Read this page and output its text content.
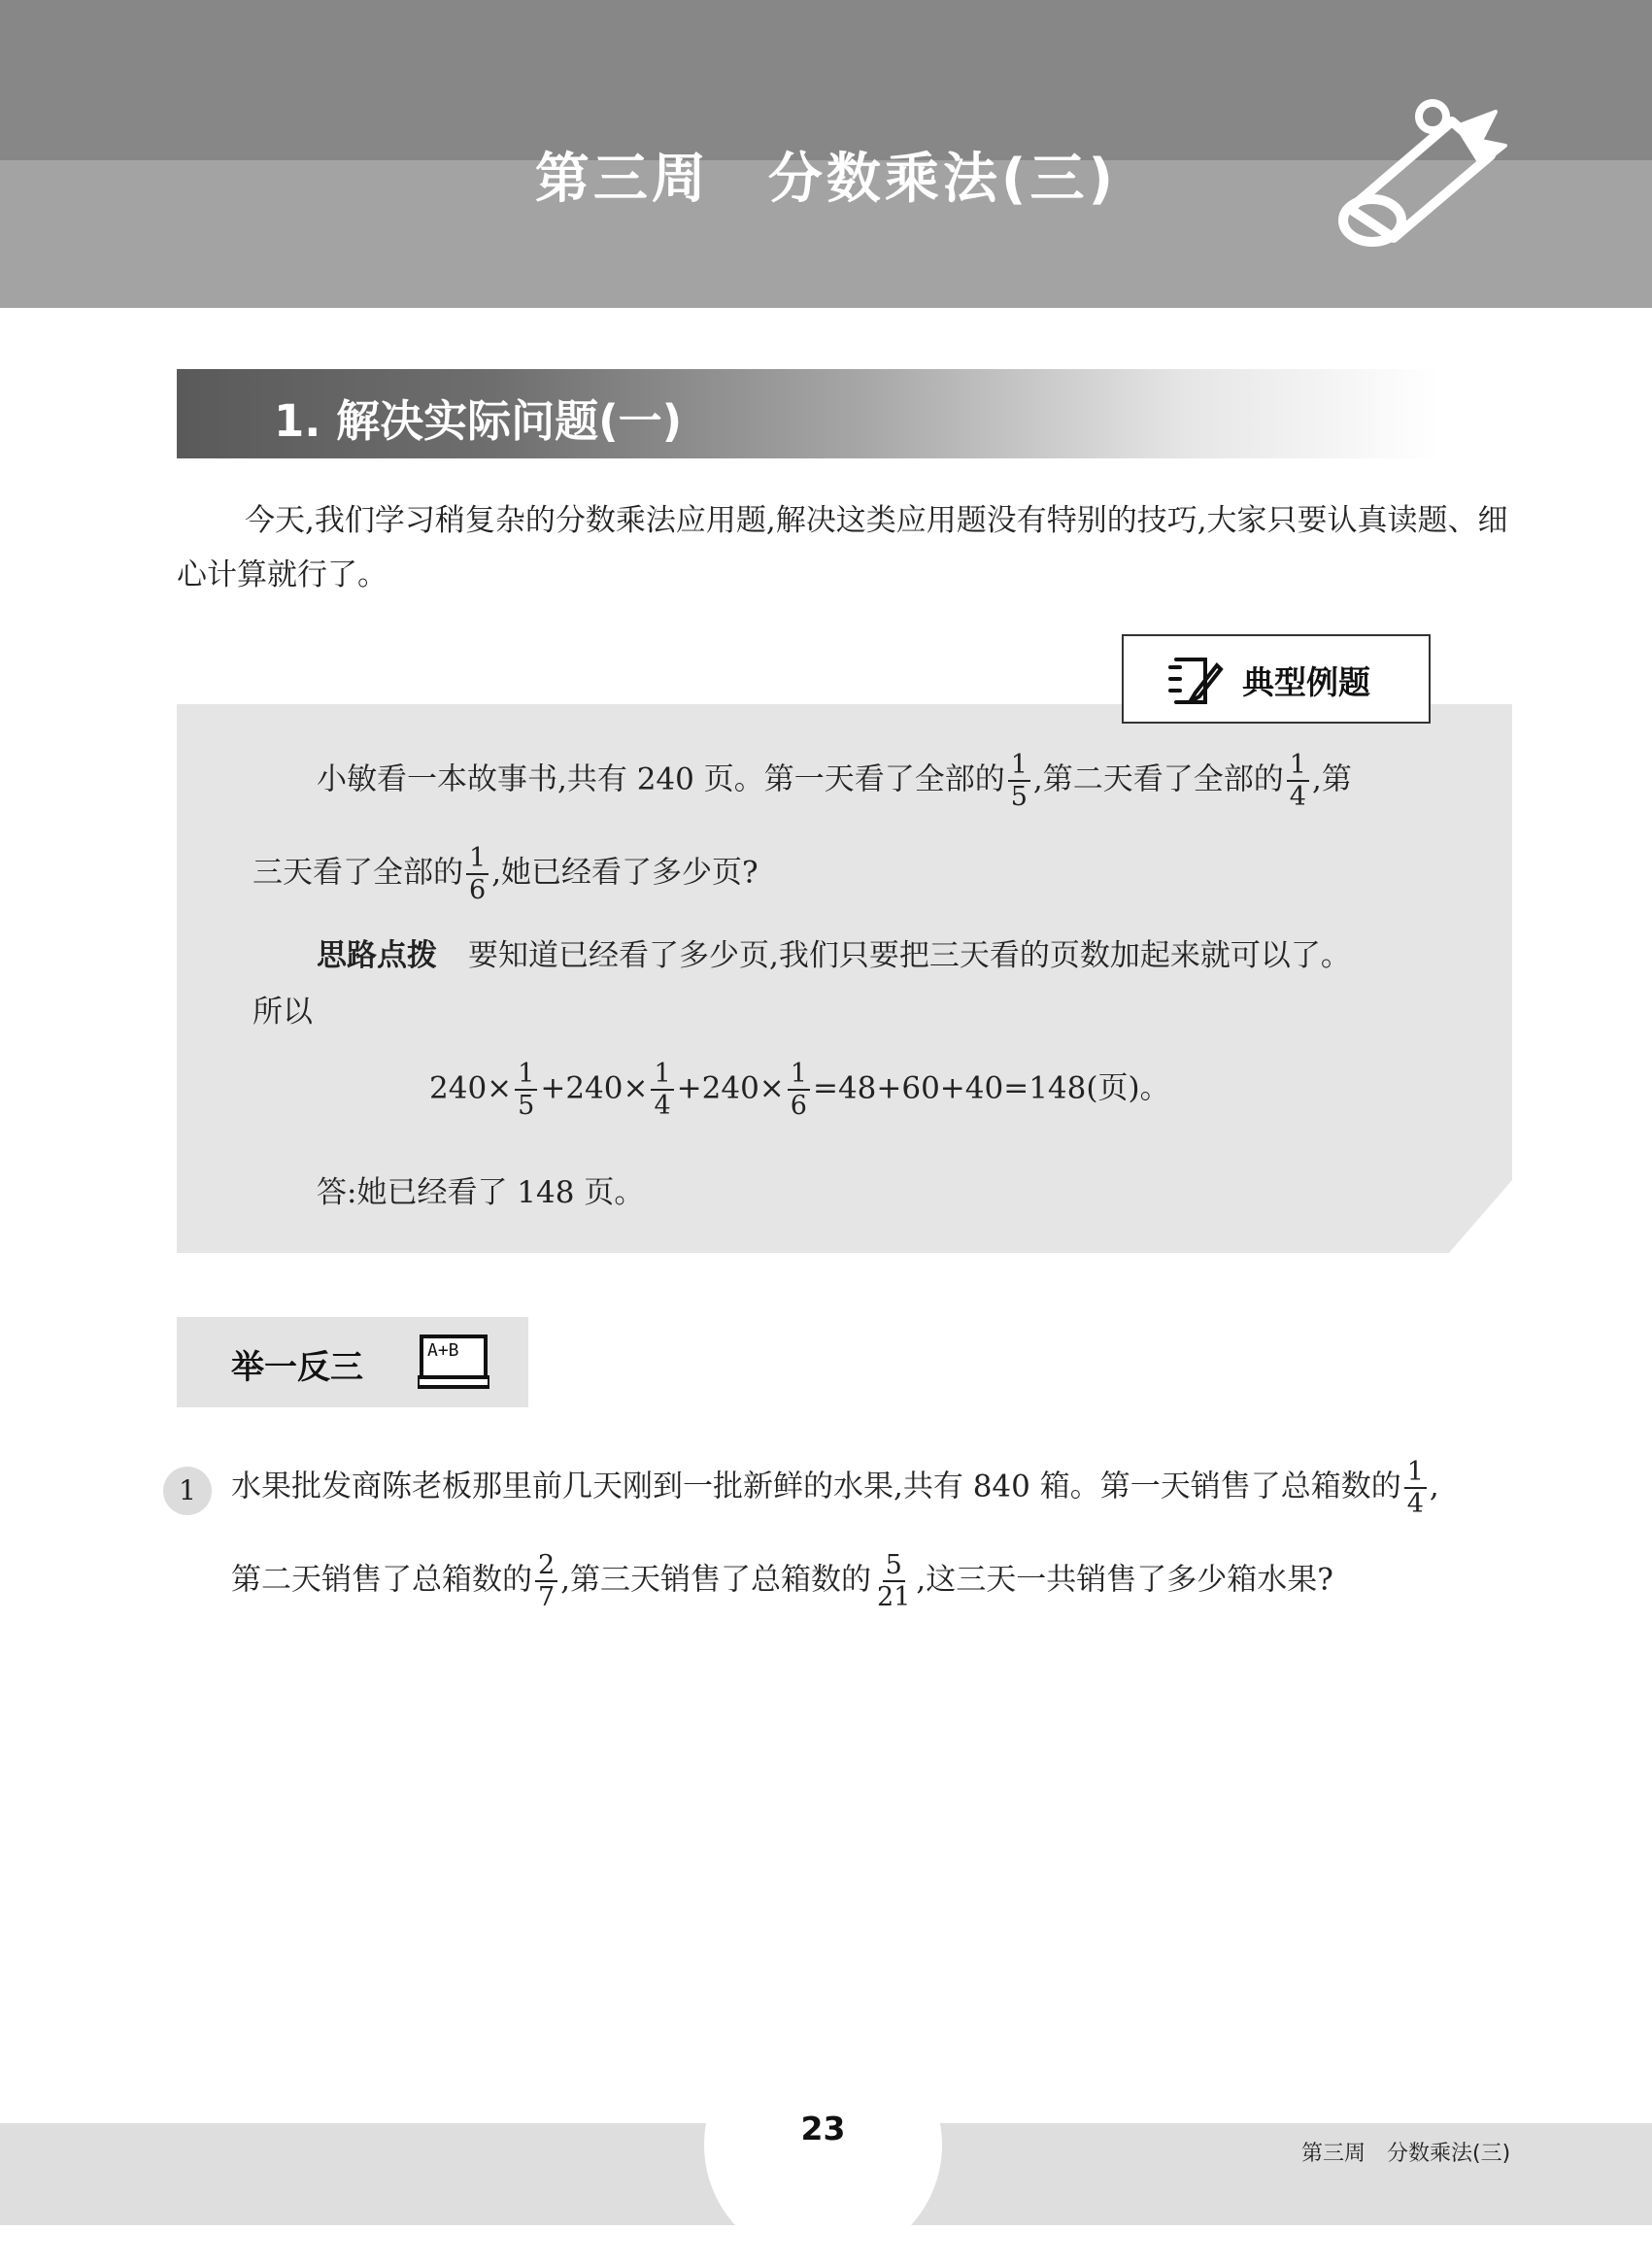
第三周　分数乘法(三)
1. 解决实际问题(一)
今天,我们学习稍复杂的分数乘法应用题,解决这类应用题没有特别的技巧,大家只要认真读题、细心计算就行了。
典型例题
小敏看一本故事书,共有 240 页。第一天看了全部的 $\frac{1}{5}$ ,第二天看了全部的 $\frac{1}{4}$ ,第
三天看了全部的 $\frac{1}{6}$ ,她已经看了多少页?
思路点拨 要知道已经看了多少页,我们只要把三天看的页数加起来就可以了。
所以
$240\times \frac{1}{5} +240\times \frac{1}{4} +240\times \frac{1}{6} =48+60+40=148$(页)。
答:她已经看了 148 页。
举一反三	A+B
1	水果批发商陈老板那里前几天刚到一批新鲜的水果,共有 840 箱。第一天销售了总箱数的 $\frac{1}{4}$ ,
第二天销售了总箱数的 $\frac{2}{7}$ ,第三天销售了总箱数的 $\frac{5}{21}$ ,这三天一共销售了多少箱水果?
23
第三周　分数乘法(三)
